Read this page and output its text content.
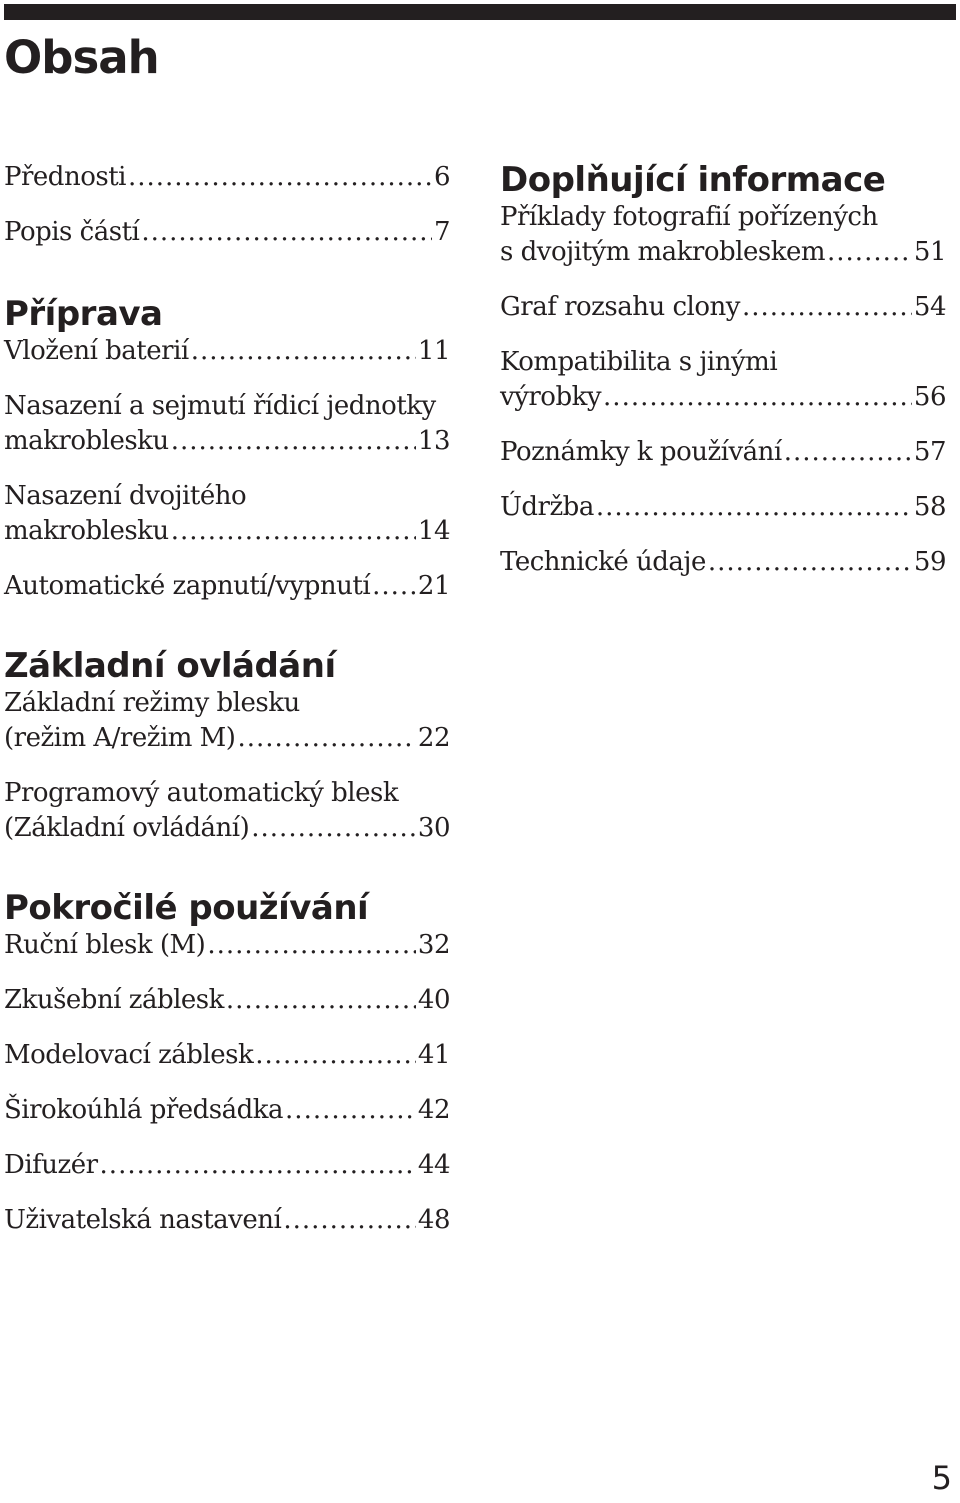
Obsah
Přednosti .....	6
Popis částí .....	7
Příprava
Vložení baterií .....	11
Nasazení a sejmutí řídicí jednotky
makroblesku .....	13
Nasazení dvojitého
makroblesku .....	14
Automatické zapnutí/vypnutí ..... 21
Základní ovládání
Základní režimy blesku
(režim A/režim M) .....	22
Programový automatický blesk
(Základní ovládání) .....	30
Pokročilé používání
Ruční blesk (M) .....	32
Zkušební záblesk .....	40
Modelovací záblesk .....	41
Širokoúhlá předsádka .....	42
Difuzér .....	44
Uživatelská nastavení .....	48
Doplňující informace
Příklady fotografií pořízených
s dvojitým makrobleskem .....	51
Graf rozsahu clony .....	54
Kompatibilita s jinými
výrobky .....	56
Poznámky k používání .....	57
Údržba .....	58
Technické údaje .....	59
5
